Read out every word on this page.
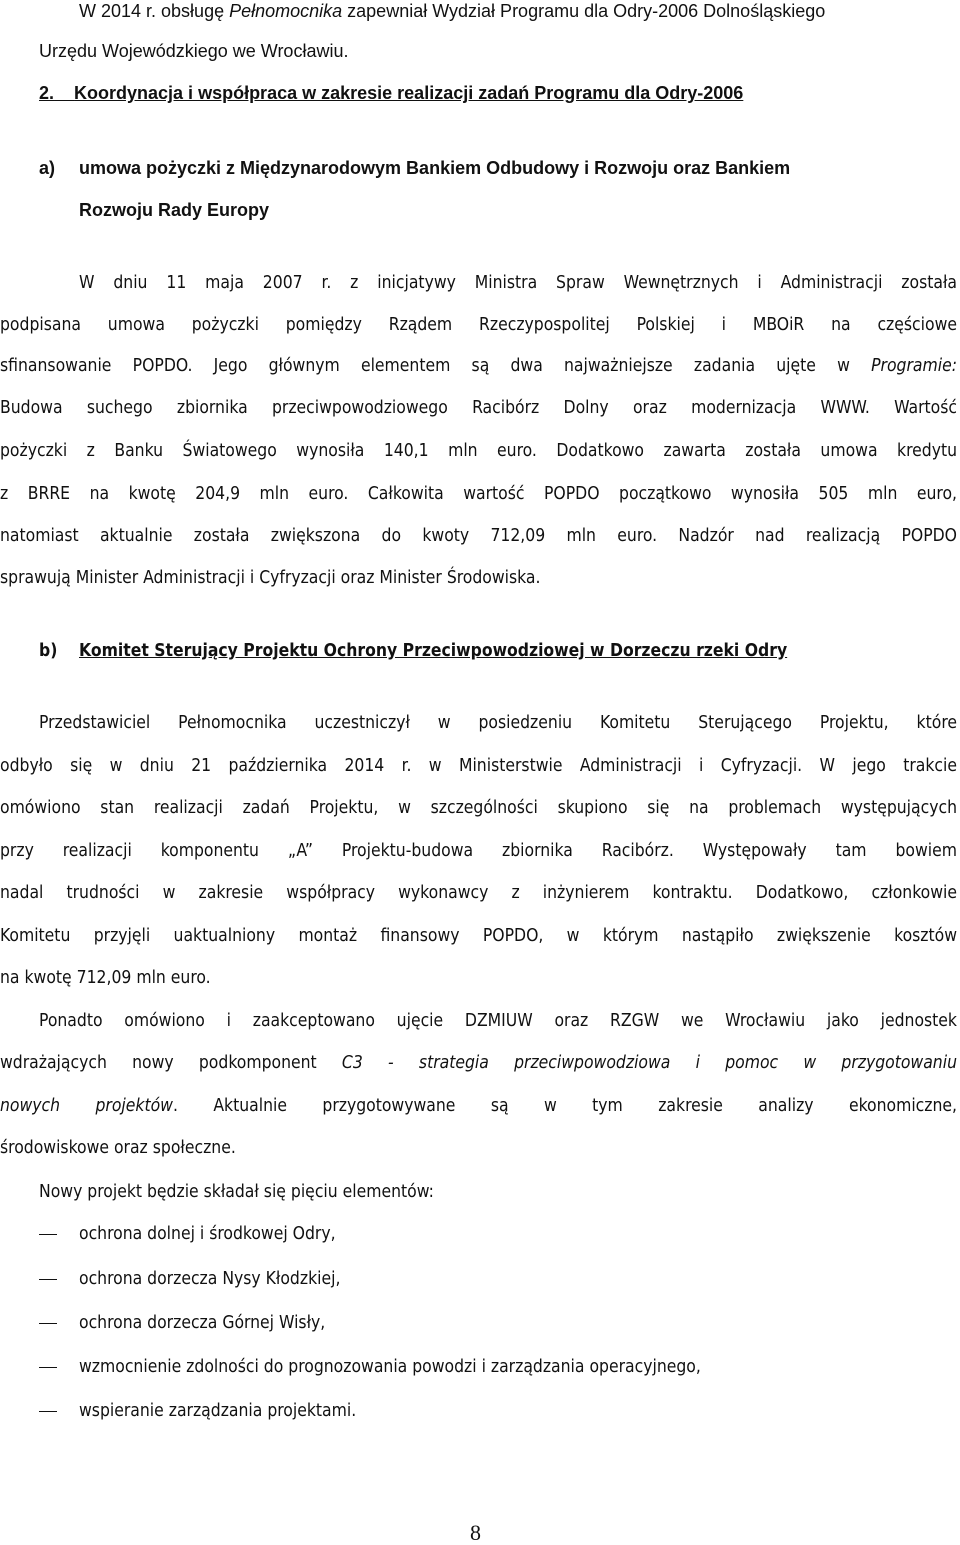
W 2014 r. obsługę Pełnomocnika zapewniał Wydział Programu dla Odry-2006 Dolnośląskiego
Urzędu Wojewódzkiego we Wrocławiu.
2. Koordynacja i współpraca w zakresie realizacji zadań Programu dla Odry-2006
a) umowa pożyczki z Międzynarodowym Bankiem Odbudowy i Rozwoju oraz Bankiem
Rozwoju Rady Europy
W dniu 11 maja 2007 r. z inicjatywy Ministra Spraw Wewnętrznych i Administracji została
podpisana umowa pożyczki pomiędzy Rządem Rzeczypospolitej Polskiej i MBOiR na częściowe
sfinansowanie POPDO. Jego głównym elementem są dwa najważniejsze zadania ujęte w Programie:
Budowa suchego zbiornika przeciwpowodziowego Racibórz Dolny oraz modernizacja WWW. Wartość
pożyczki z Banku Światowego wynosiła 140,1 mln euro. Dodatkowo zawarta została umowa kredytu
z BRRE na kwotę 204,9 mln euro. Całkowita wartość POPDO początkowo wynosiła 505 mln euro,
natomiast aktualnie została zwiększona do kwoty 712,09 mln euro. Nadzór nad realizacją POPDO
sprawują Minister Administracji i Cyfryzacji oraz Minister Środowiska.
b) Komitet Sterujący Projektu Ochrony Przeciwpowodziowej w Dorzeczu rzeki Odry
Przedstawiciel Pełnomocnika uczestniczył w posiedzeniu Komitetu Sterującego Projektu, które
odbyło się w dniu 21 października 2014 r. w Ministerstwie Administracji i Cyfryzacji. W jego trakcie
omówiono stan realizacji zadań Projektu, w szczególności skupiono się na problemach występujących
przy realizacji komponentu „A” Projektu-budowa zbiornika Racibórz. Występowały tam bowiem
nadal trudności w zakresie współpracy wykonawcy z inżynierem kontraktu. Dodatkowo, członkowie
Komitetu przyjęli uaktualniony montaż finansowy POPDO, w którym nastąpiło zwiększenie kosztów
na kwotę 712,09 mln euro.
Ponadto omówiono i zaakceptowano ujęcie DZMIUW oraz RZGW we Wrocławiu jako jednostek
wdrażających nowy podkomponent C3 - strategia przeciwpowodziowa i pomoc w przygotowaniu
nowych projektów. Aktualnie przygotowywane są w tym zakresie analizy ekonomiczne,
środowiskowe oraz społeczne.
Nowy projekt będzie składał się pięciu elementów:
ochrona dolnej i środkowej Odry,
ochrona dorzecza Nysy Kłodzkiej,
ochrona dorzecza Górnej Wisły,
wzmocnienie zdolności do prognozowania powodzi i zarządzania operacyjnego,
wspieranie zarządzania projektami.
8
